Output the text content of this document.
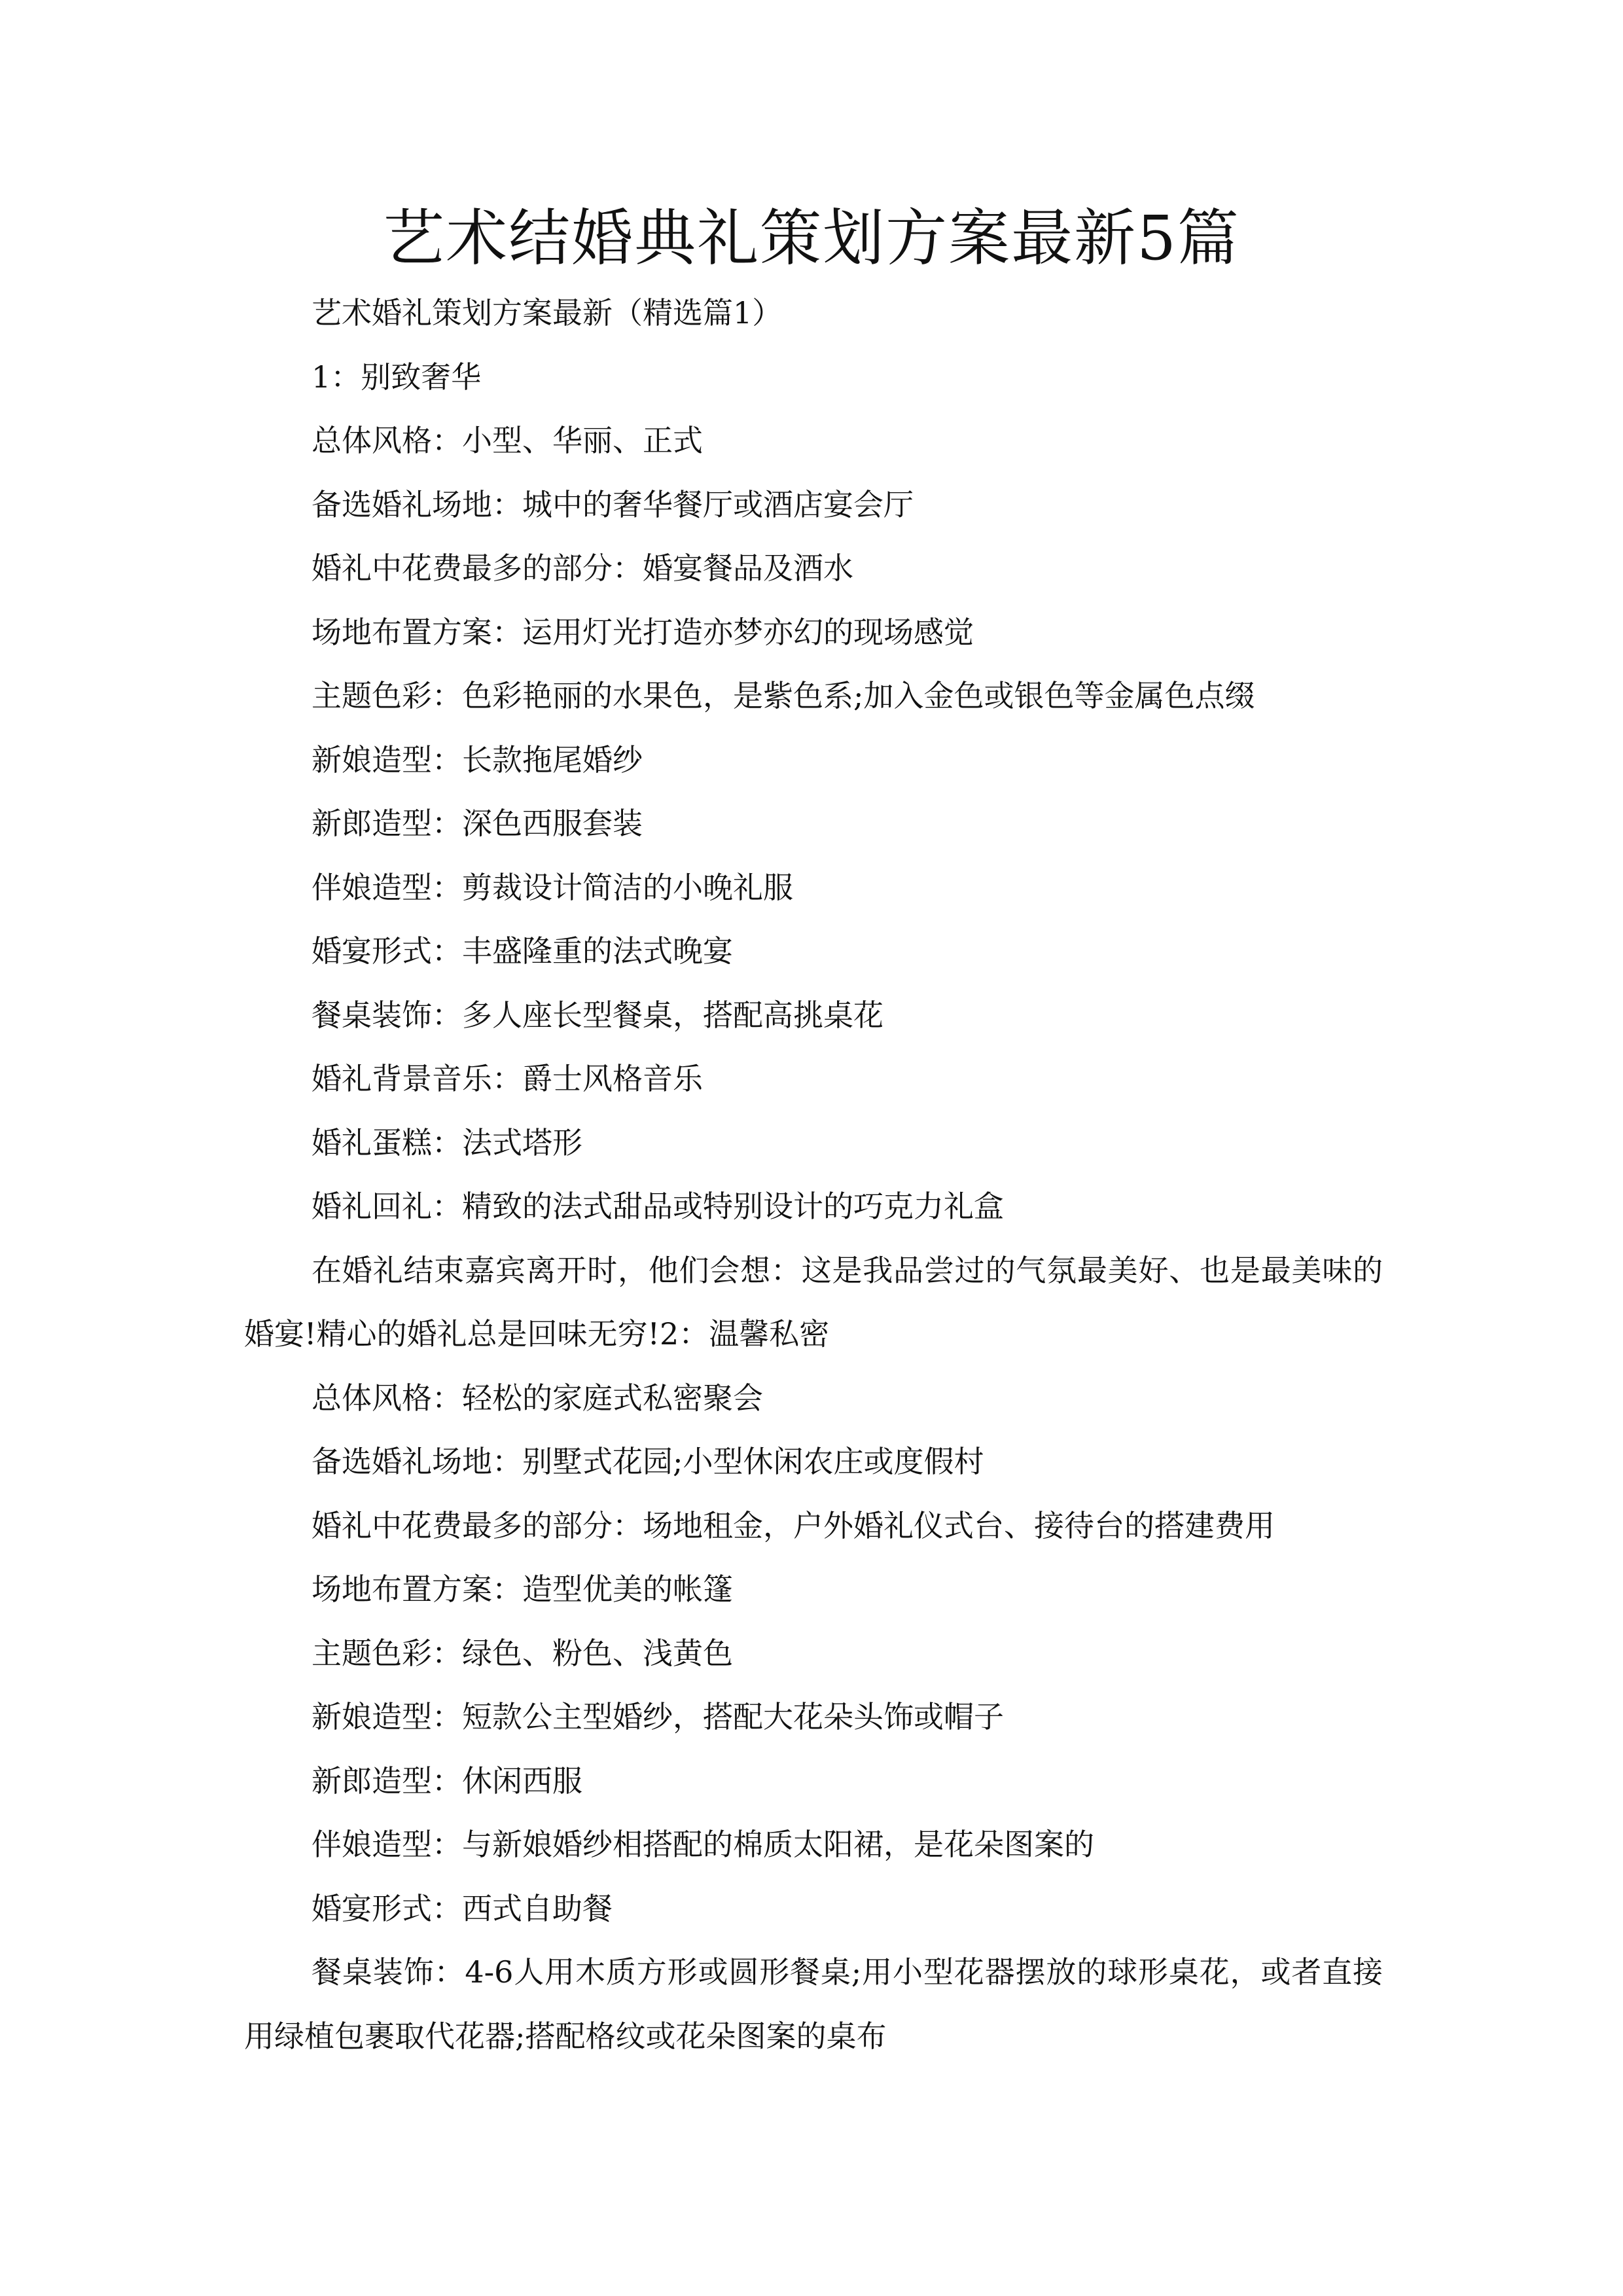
艺术结婚典礼策划方案最新5篇

艺术婚礼策划方案最新（精选篇1）

1：别致奢华

总体风格：小型、华丽、正式

备选婚礼场地：城中的奢华餐厅或酒店宴会厅

婚礼中花费最多的部分：婚宴餐品及酒水

场地布置方案：运用灯光打造亦梦亦幻的现场感觉

主题色彩：色彩艳丽的水果色，是紫色系;加入金色或银色等金属色点缀

新娘造型：长款拖尾婚纱

新郎造型：深色西服套装

伴娘造型：剪裁设计简洁的小晚礼服

婚宴形式：丰盛隆重的法式晚宴

餐桌装饰：多人座长型餐桌，搭配高挑桌花

婚礼背景音乐：爵士风格音乐

婚礼蛋糕：法式塔形

婚礼回礼：精致的法式甜品或特别设计的巧克力礼盒

在婚礼结束嘉宾离开时，他们会想：这是我品尝过的气氛最美好、也是最美味的婚宴!精心的婚礼总是回味无穷!2：温馨私密

总体风格：轻松的家庭式私密聚会

备选婚礼场地：别墅式花园;小型休闲农庄或度假村

婚礼中花费最多的部分：场地租金，户外婚礼仪式台、接待台的搭建费用

场地布置方案：造型优美的帐篷

主题色彩：绿色、粉色、浅黄色

新娘造型：短款公主型婚纱，搭配大花朵头饰或帽子

新郎造型：休闲西服

伴娘造型：与新娘婚纱相搭配的棉质太阳裙，是花朵图案的

婚宴形式：西式自助餐

餐桌装饰：4-6人用木质方形或圆形餐桌;用小型花器摆放的球形桌花，或者直接用绿植包裹取代花器;搭配格纹或花朵图案的桌布
